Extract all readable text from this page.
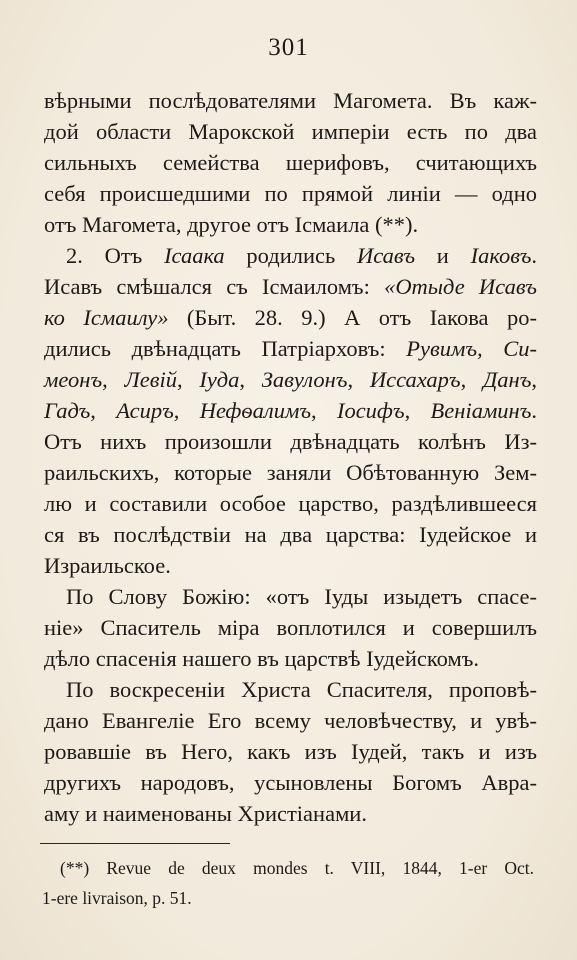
301
вѣрными послѣдователями Магомета. Въ каж-
дой области Марокской имперіи есть по два
сильныхъ семейства шерифовъ, считающихъ
себя происшедшими по прямой линіи — одно
отъ Магомета, другое отъ Ісмаила (**).
2. Отъ Ісаака родились Исавъ и Іаковъ.
Исавъ смѣшался съ Ісмаиломъ: «Отыде Исавъ
ко Ісмаилу» (Быт. 28. 9.) А отъ Іакова ро-
дились двѣнадцать Патріарховъ: Рувимъ, Си-
меонъ, Левій, Іуда, Завулонъ, Иссахаръ, Данъ,
Гадъ, Асиръ, Нефѳалимъ, Іосифъ, Веніаминъ.
Отъ нихъ произошли двѣнадцать колѣнъ Из-
раильскихъ, которые заняли Обѣтованную Зем-
лю и составили особое царство, раздѣлившееся
ся въ послѣдствіи на два царства: Іудейское и
Израильское.
По Слову Божію: «отъ Іуды изыдетъ спасе-
ніе» Спаситель міра воплотился и совершилъ
дѣло спасенія нашего въ царствѣ Іудейскомъ.
По воскресеніи Христа Спасителя, проповѣ-
дано Евангеліе Его всему человѣчеству, и увѣ-
ровавшіе въ Него, какъ изъ Іудей, такъ и изъ
другихъ народовъ, усыновлены Богомъ Авра-
аму и наименованы Христіанами.
(**) Revue de deux mondes t. VIII, 1844, 1-er Oct.
1-ere livraison, p. 51.
